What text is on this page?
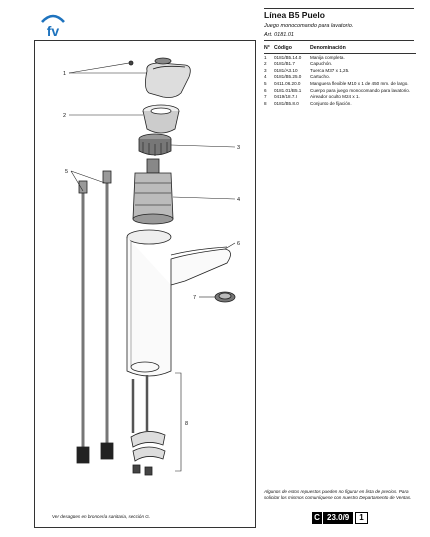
fv

Línea B5 Puelo

Juego monocomando para lavatorio.

Art. 0181.01

1
2
3
4
5
6
7
8
N°	Código	Denominación
1	0181/B5.14.0	Manija completa.
2	0181/B1.7	Capuchón.
3	0181/A3.10	Tuerca M37 x 1,25.
4	0181/B5.25.0	Cartucho.
5	0411.06.20.0	Manguera flexible M10 x 1 de 450 mm. de largo.
6	0181.01/B5.1	Cuerpo para juego monocomando para lavatorio.
7	0419/18.7.I	Aireador oculto M24 x 1.
8	0181/B5.8.0	Conjunto de fijación.
Algunos de estos repuestos pueden no figurar en lista de precios. Para solicitar los mismos comuníquese con nuestro Departamento de Ventas.
Ver desagües en broncería sanitaria, sección G.	C 23.0/9	1
